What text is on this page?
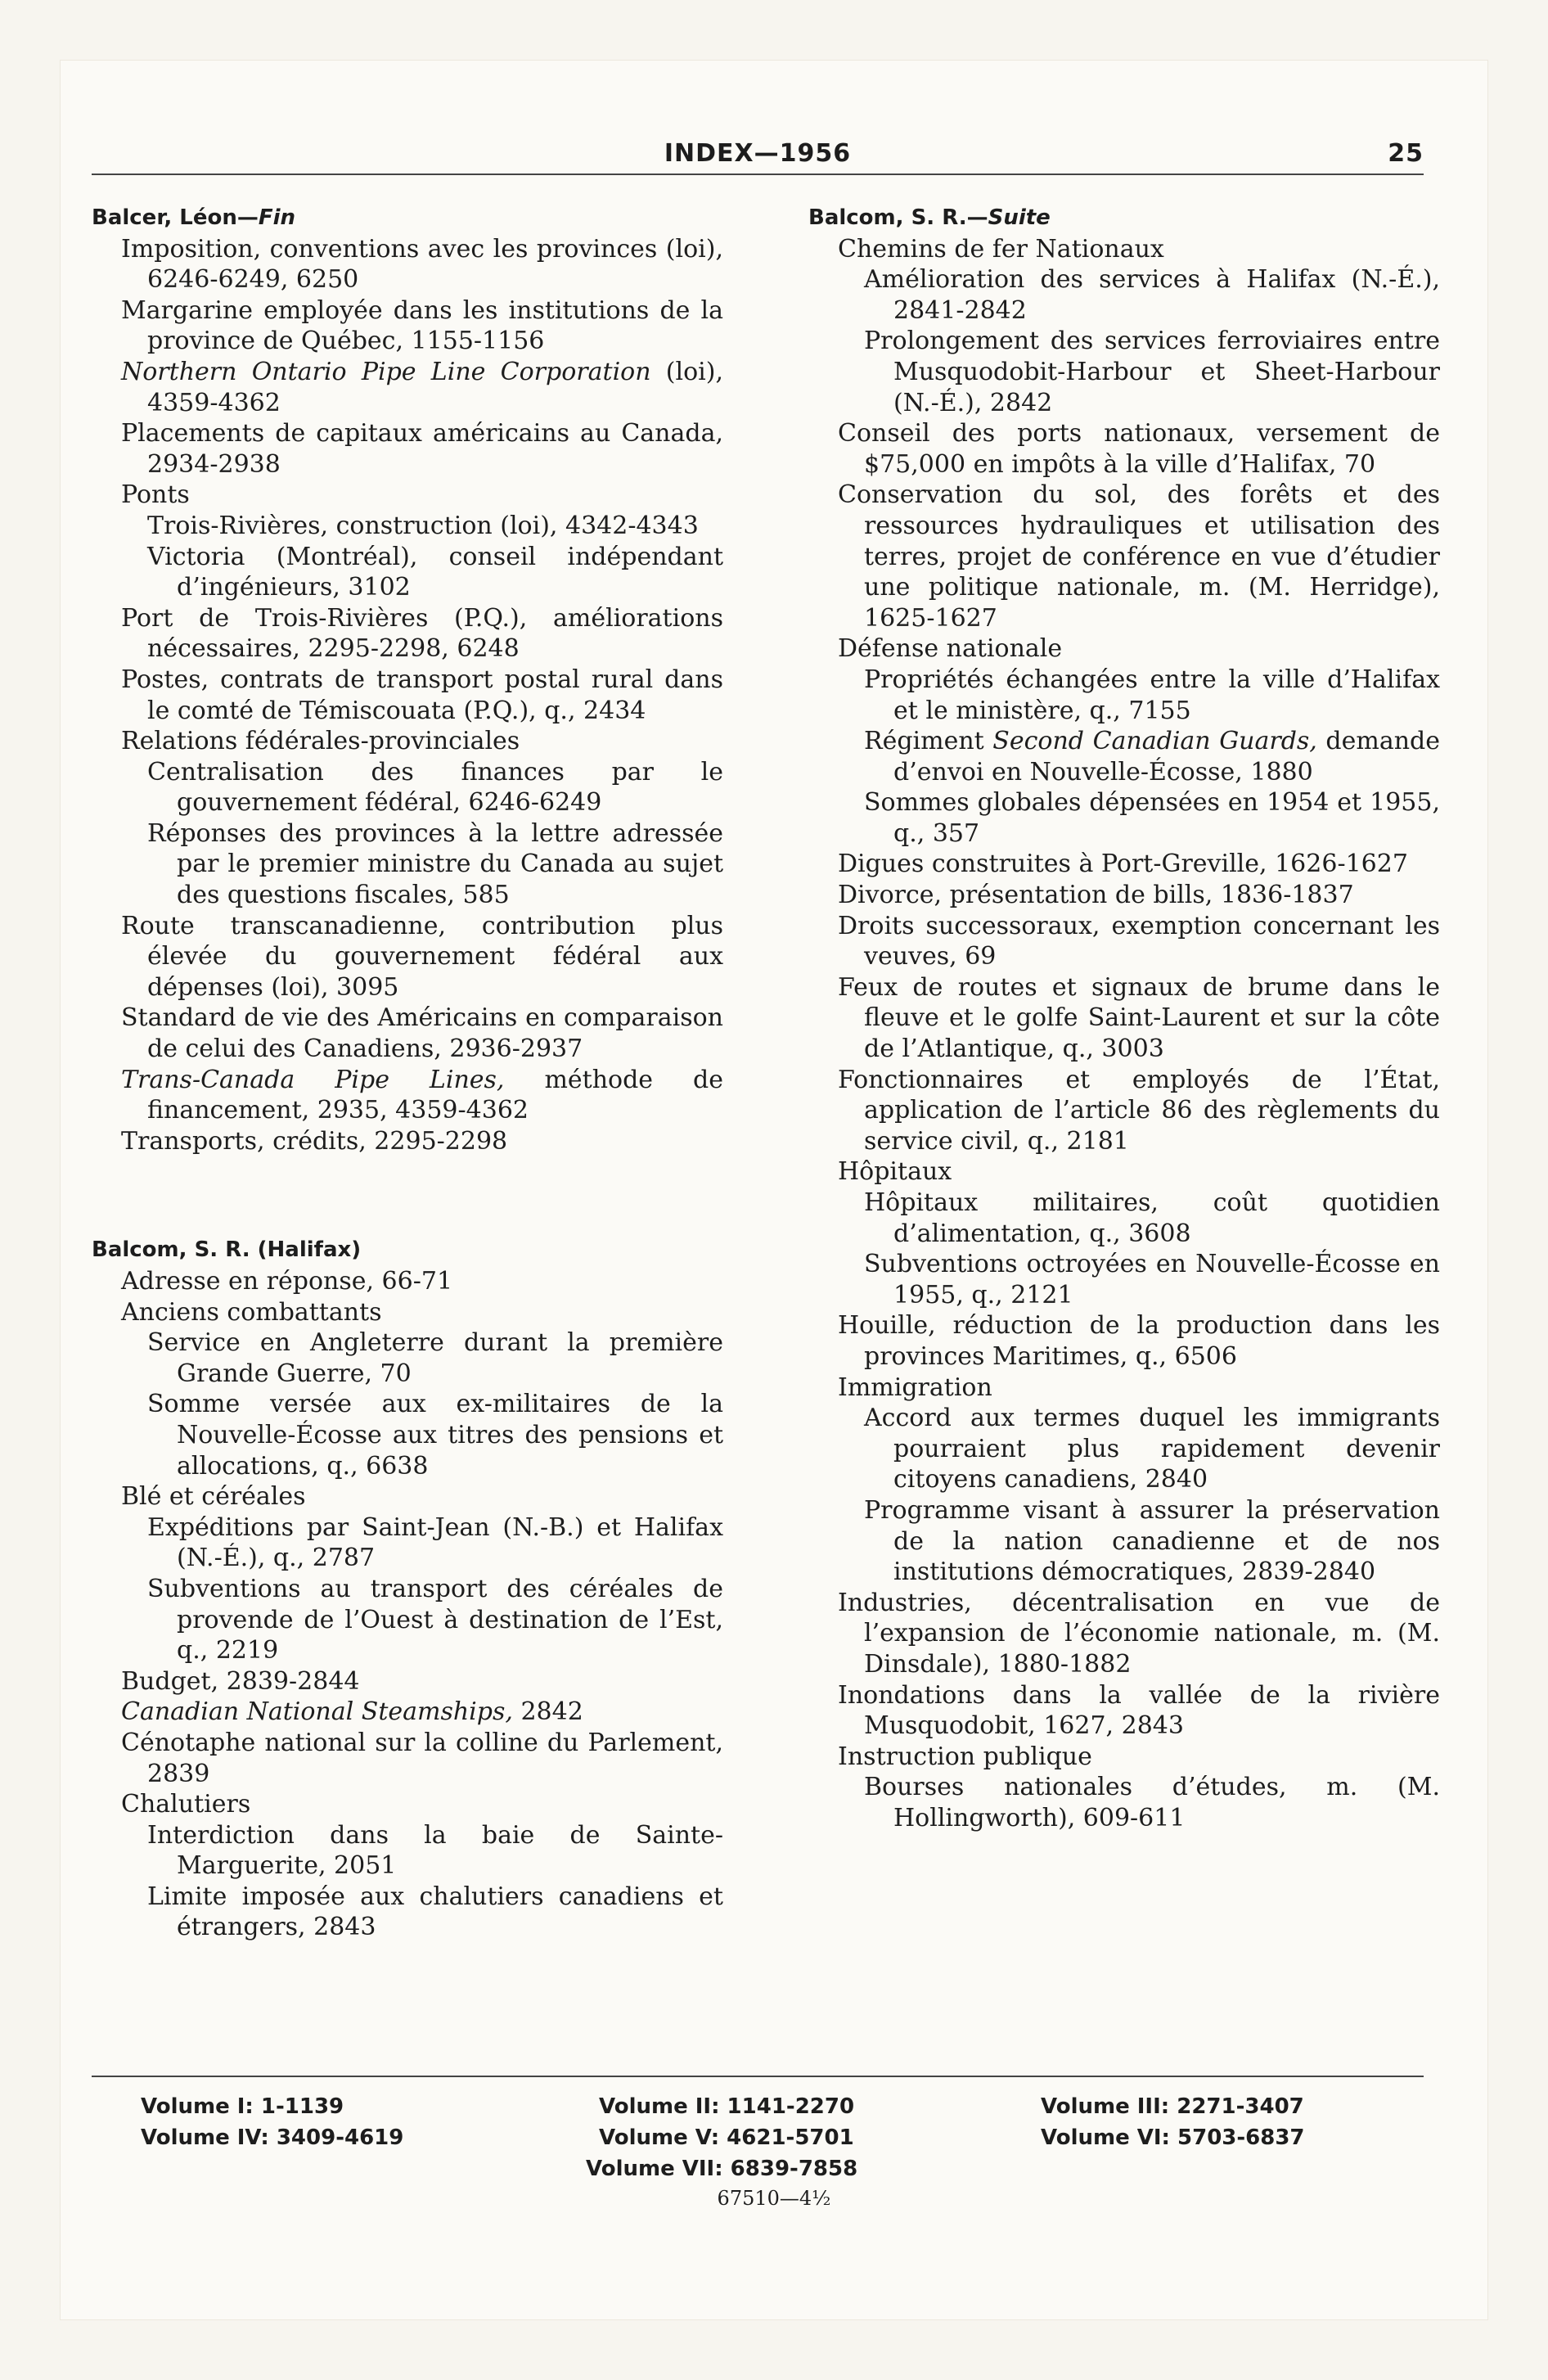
INDEX—1956	25

Balcer, Léon—Fin

Imposition, conventions avec les provinces (loi), 6246-6249, 6250

Margarine employée dans les institutions de la province de Québec, 1155-1156

Northern Ontario Pipe Line Corporation (loi), 4359-4362

Placements de capitaux américains au Canada, 2934-2938

Ponts

Trois-Rivières, construction (loi), 4342-4343

Victoria (Montréal), conseil indépendant d’ingénieurs, 3102

Port de Trois-Rivières (P.Q.), améliorations nécessaires, 2295-2298, 6248

Postes, contrats de transport postal rural dans le comté de Témiscouata (P.Q.), q., 2434

Relations fédérales-provinciales

Centralisation des finances par le gouvernement fédéral, 6246-6249

Réponses des provinces à la lettre adressée par le premier ministre du Canada au sujet des questions fiscales, 585

Route transcanadienne, contribution plus élevée du gouvernement fédéral aux dépenses (loi), 3095

Standard de vie des Américains en comparaison de celui des Canadiens, 2936-2937

Trans-Canada Pipe Lines, méthode de financement, 2935, 4359-4362

Transports, crédits, 2295-2298

Balcom, S. R. (Halifax)

Adresse en réponse, 66-71

Anciens combattants

Service en Angleterre durant la première Grande Guerre, 70

Somme versée aux ex-militaires de la Nouvelle-Écosse aux titres des pensions et allocations, q., 6638

Blé et céréales

Expéditions par Saint-Jean (N.-B.) et Halifax (N.-É.), q., 2787

Subventions au transport des céréales de provende de l’Ouest à destination de l’Est, q., 2219

Budget, 2839-2844

Canadian National Steamships, 2842

Cénotaphe national sur la colline du Parlement, 2839

Chalutiers

Interdiction dans la baie de Sainte-Marguerite, 2051

Limite imposée aux chalutiers canadiens et étrangers, 2843

Balcom, S. R.—Suite

Chemins de fer Nationaux

Amélioration des services à Halifax (N.-É.), 2841-2842

Prolongement des services ferroviaires entre Musquodobit-Harbour et Sheet-Harbour (N.-É.), 2842

Conseil des ports nationaux, versement de $75,000 en impôts à la ville d’Halifax, 70

Conservation du sol, des forêts et des ressources hydrauliques et utilisation des terres, projet de conférence en vue d’étudier une politique nationale, m. (M. Herridge), 1625-1627

Défense nationale

Propriétés échangées entre la ville d’Halifax et le ministère, q., 7155

Régiment Second Canadian Guards, demande d’envoi en Nouvelle-Écosse, 1880

Sommes globales dépensées en 1954 et 1955, q., 357

Digues construites à Port-Greville, 1626-1627

Divorce, présentation de bills, 1836-1837

Droits successoraux, exemption concernant les veuves, 69

Feux de routes et signaux de brume dans le fleuve et le golfe Saint-Laurent et sur la côte de l’Atlantique, q., 3003

Fonctionnaires et employés de l’État, application de l’article 86 des règlements du service civil, q., 2181

Hôpitaux

Hôpitaux militaires, coût quotidien d’alimentation, q., 3608

Subventions octroyées en Nouvelle-Écosse en 1955, q., 2121

Houille, réduction de la production dans les provinces Maritimes, q., 6506

Immigration

Accord aux termes duquel les immigrants pourraient plus rapidement devenir citoyens canadiens, 2840

Programme visant à assurer la préservation de la nation canadienne et de nos institutions démocratiques, 2839-2840

Industries, décentralisation en vue de l’expansion de l’économie nationale, m. (M. Dinsdale), 1880-1882

Inondations dans la vallée de la rivière Musquodobit, 1627, 2843

Instruction publique

Bourses nationales d’études, m. (M. Hollingworth), 609-611

Volume I: 1-1139	Volume II: 1141-2270	Volume III: 2271-3407
Volume IV: 3409-4619	Volume V: 4621-5701	Volume VI: 5703-6837
Volume VII: 6839-7858
67510—4½
